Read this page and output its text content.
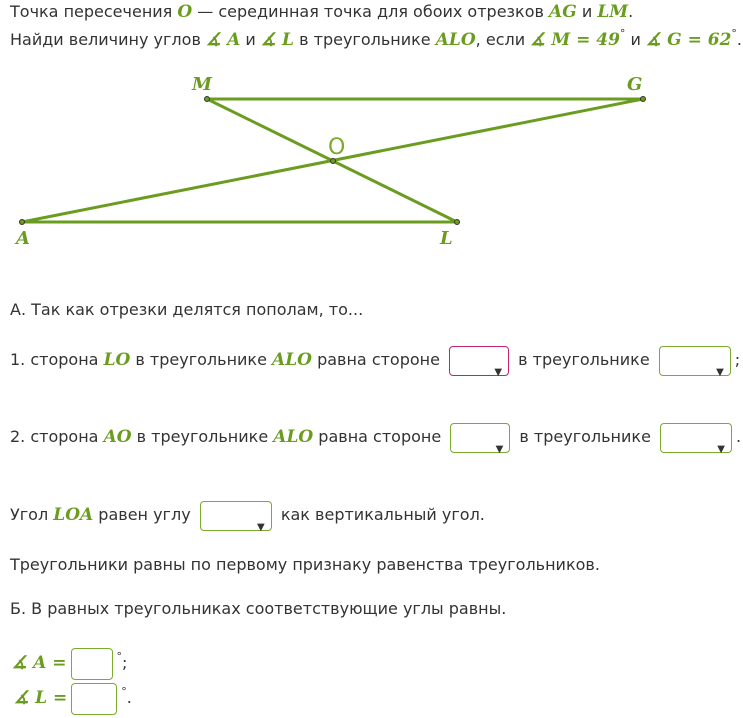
Точка пересечения O — серединная точка для обоих отрезков AG и LM.
Найди величину углов ∡ A и ∡ L в треугольнике ALO, если ∡ M = 49° и ∡ G = 62°.
M	G
O
A	L
А. Так как отрезки делятся пополам, то...
1. сторона LO в треугольнике ALO равна стороне
▼
в треугольнике
▼
;
2. сторона AO в треугольнике ALO равна стороне
▼
в треугольнике
▼
.
Угол LOA равен углу
▼
как вертикальный угол.
Треугольники равны по первому признаку равенства треугольников.
Б. В равных треугольниках соответствующие углы равны.
∡ A =	°;
∡ L =	°.
